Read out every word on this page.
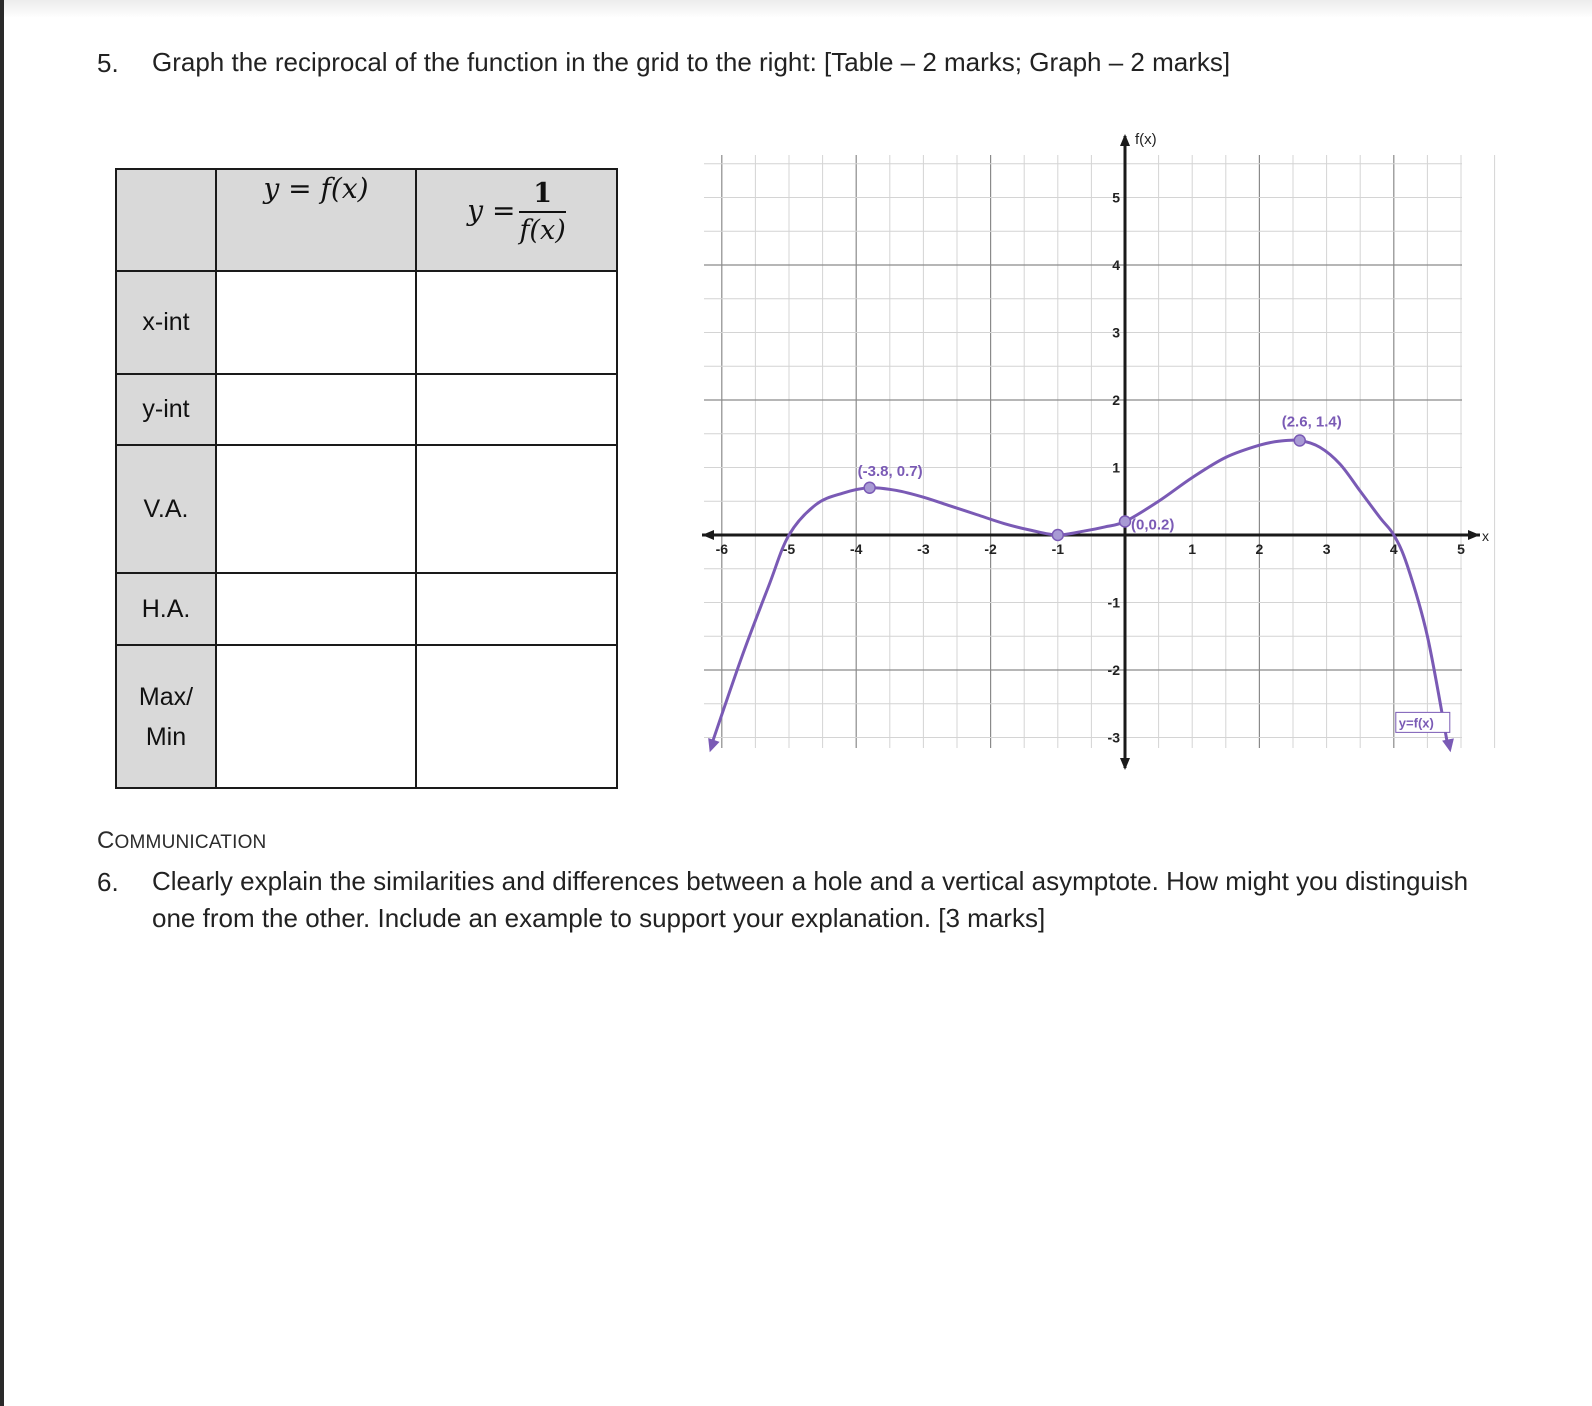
5. Graph the reciprocal of the function in the grid to the right: [Table – 2 marks; Graph – 2 marks]
	y = f(x)	$y = \frac{1}{f(x)}$

x-int		
y-int		
V.A.		
H.A.		
Max/
Min		
x
f(x)
-6	-5	-4	-3	-2	-1	1	2	3	4	5
5
4
3
2
1
-1
-2
-3
y=f(x)
(-3.8, 0.7)
(0,0.2)
(2.6, 1.4)
COMMUNICATION
6. Clearly explain the similarities and differences between a hole and a vertical asymptote. How might you distinguish
one from the other. Include an example to support your explanation. [3 marks]
